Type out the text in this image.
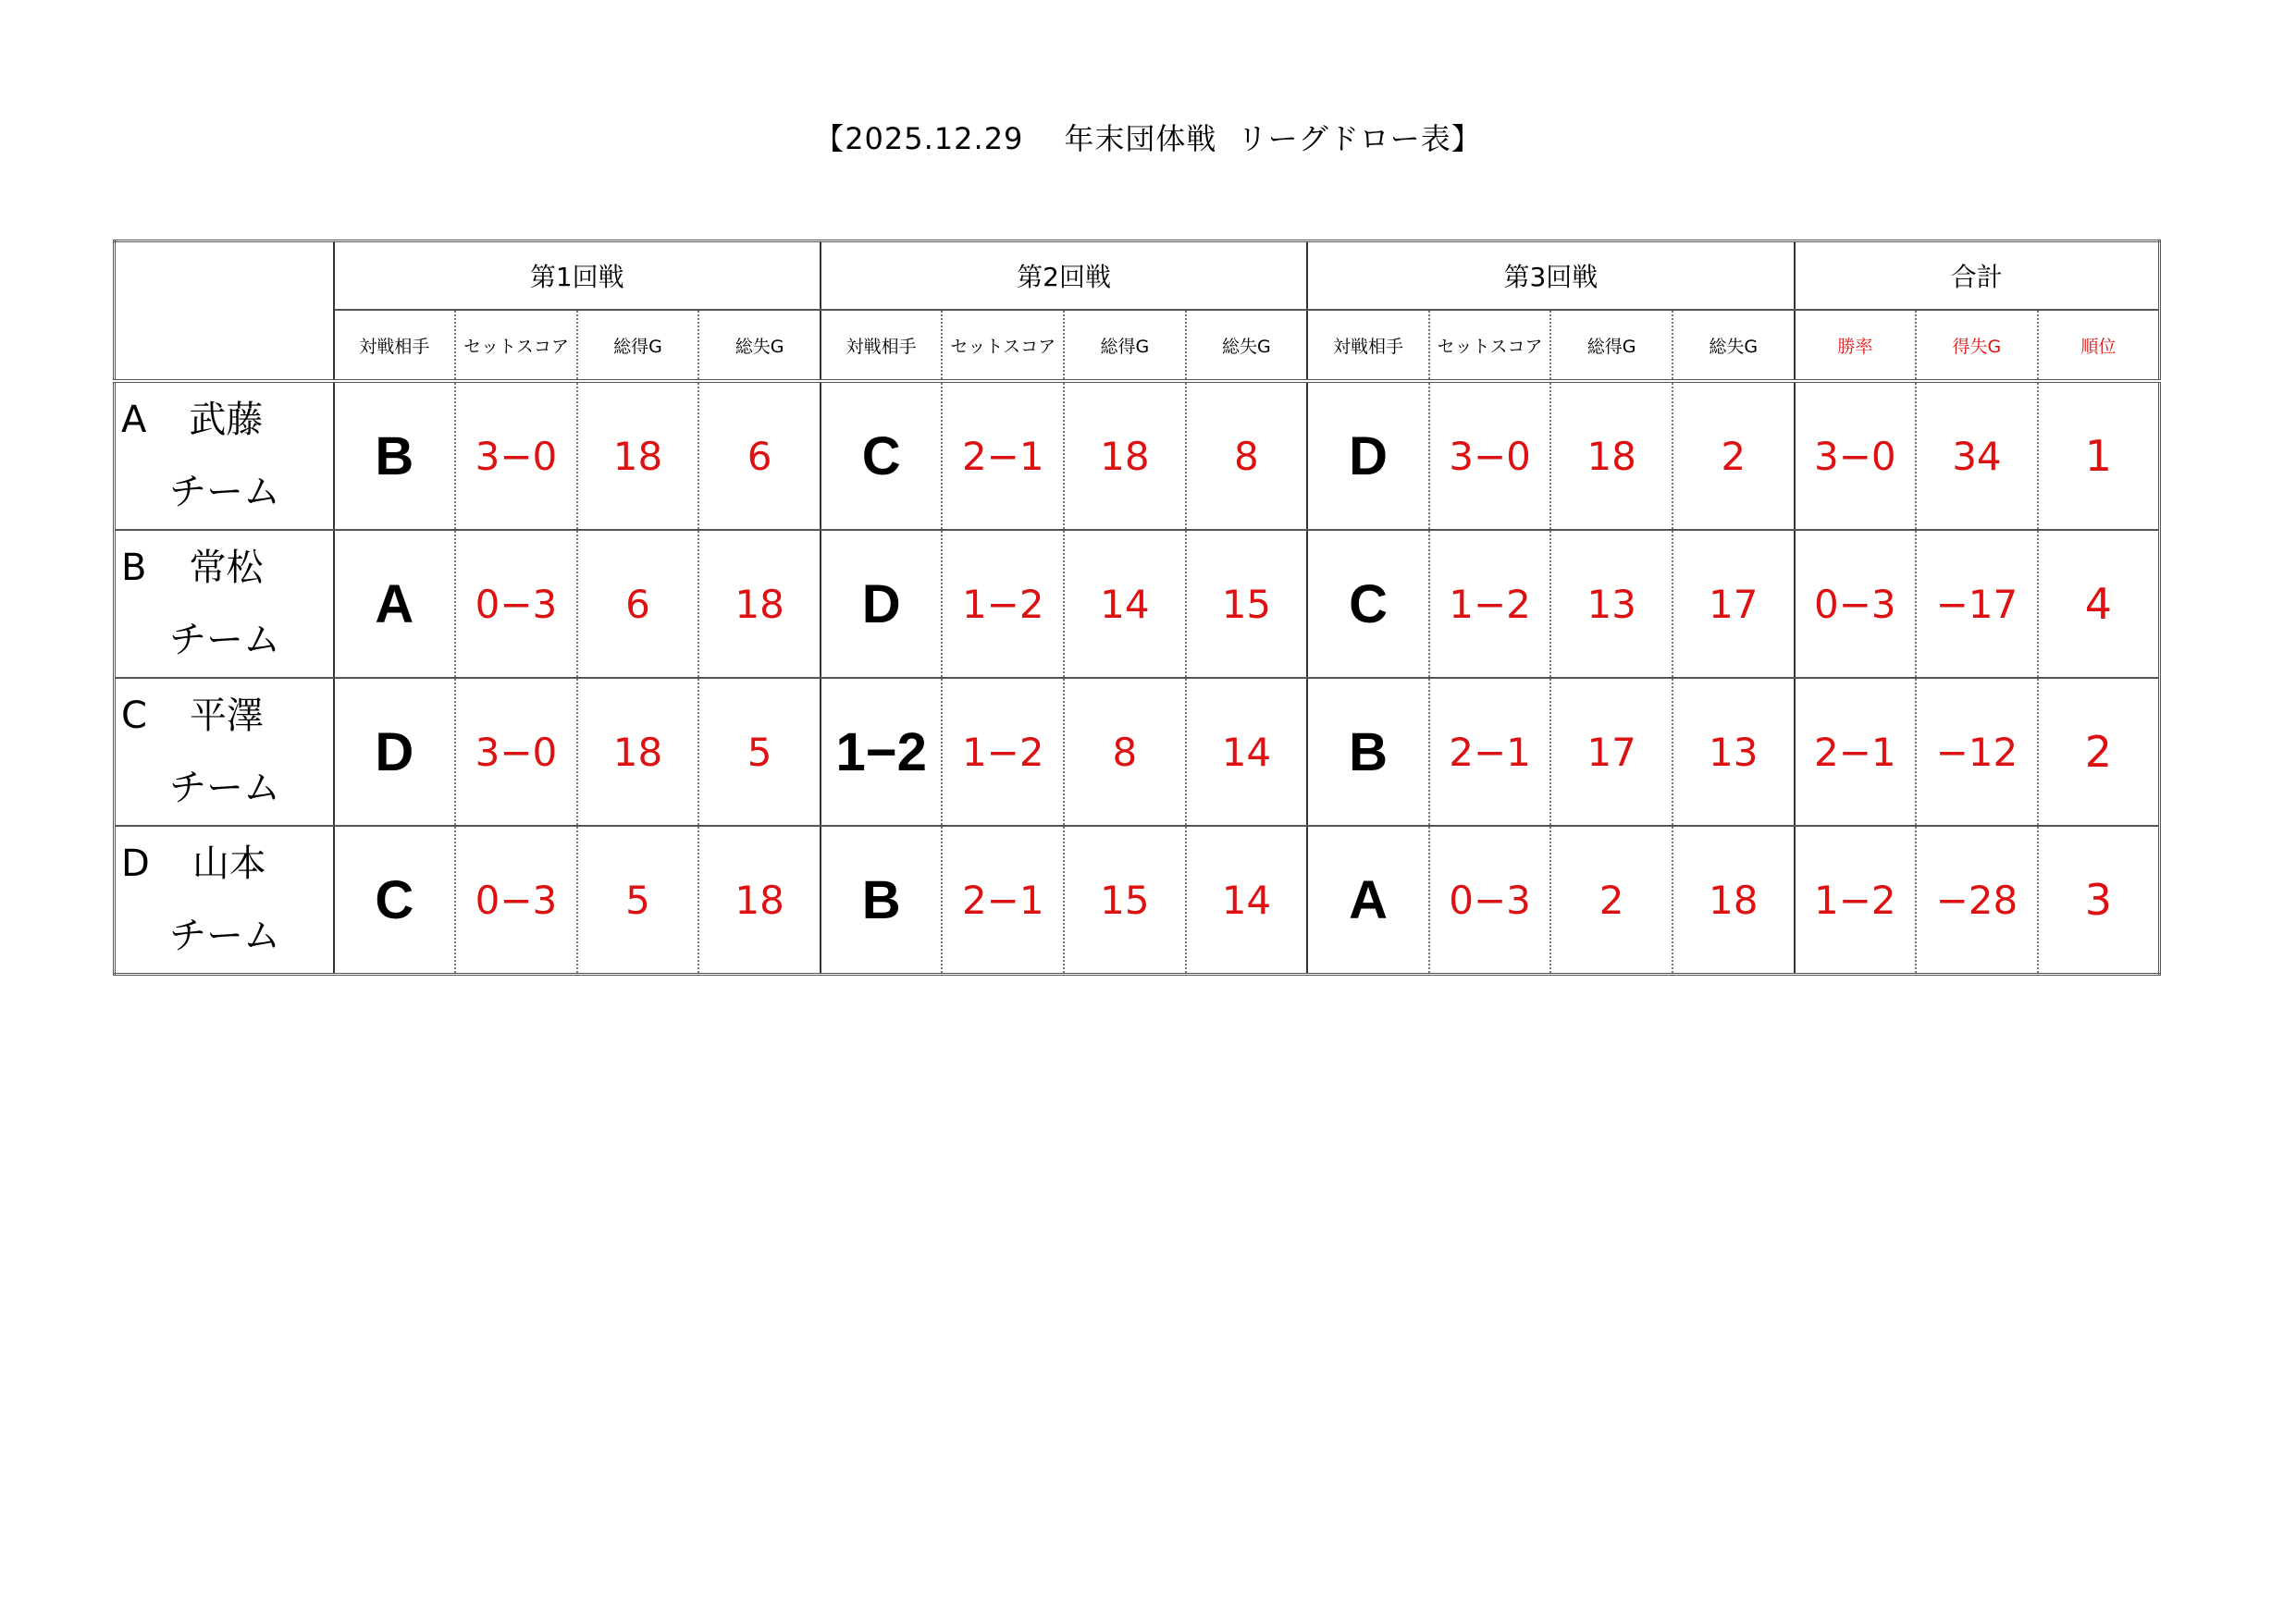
【2025.12.29 年末団体戦 リーグドロー表】
	第1回戦				第2回戦				第3回戦				合計		
	対戦相手	セットスコア	総得G	総失G	対戦相手	セットスコア	総得G	総失G	対戦相手	セットスコア	総得G	総失G	勝率	得失G	順位

A 武藤
チーム	B	3−0	18	6	C	2−1	18	8	D	3−0	18	2	3−0	34	1

B 常松
チーム	A	0−3	6	18	D	1−2	14	15	C	1−2	13	17	0−3	−17	4

C 平澤
チーム	D	3−0	18	5	1−2	1−2	8	14	B	2−1	17	13	2−1	−12	2

D 山本
チーム	C	0−3	5	18	B	2−1	15	14	A	0−3	2	18	1−2	−28	3
